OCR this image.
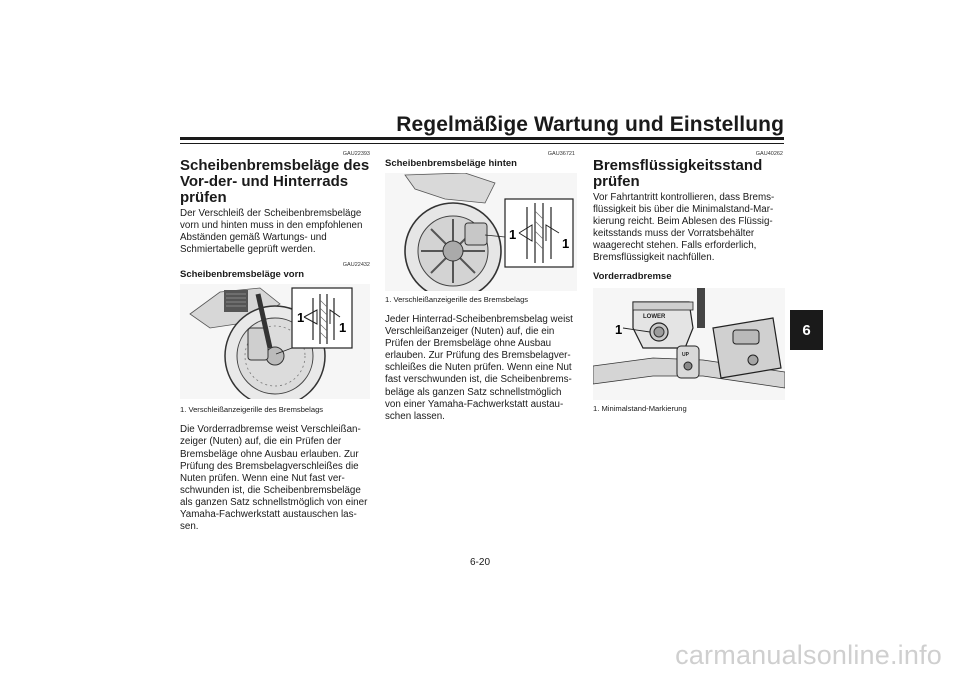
Regelmäßige Wartung und Einstellung
6
GAU22393
Scheibenbremsbeläge des Vor-der- und Hinterrads prüfen

Der Verschleiß der Scheibenbremsbeläge vorn und hinten muss in den empfohlenen Abständen gemäß Wartungs- und Schmiertabelle geprüft werden.

GAU22432
Scheibenbremsbeläge vorn
1
1

1. Verschleißanzeigerille des Bremsbelags

Die Vorderradbremse weist Verschleißan-zeiger (Nuten) auf, die ein Prüfen der Bremsbeläge ohne Ausbau erlauben. Zur Prüfung des Bremsbelagverschleißes die Nuten prüfen. Wenn eine Nut fast ver-schwunden ist, die Scheibenbremsbeläge als ganzen Satz schnellstmöglich von einer Yamaha-Fachwerkstatt austauschen las-sen.

GAU36721
Scheibenbremsbeläge hinten
1
1

1. Verschleißanzeigerille des Bremsbelags

Jeder Hinterrad-Scheibenbremsbelag weist Verschleißanzeiger (Nuten) auf, die ein Prüfen der Bremsbeläge ohne Ausbau erlauben. Zur Prüfung des Bremsbelagver-schleißes die Nuten prüfen. Wenn eine Nut fast verschwunden ist, die Scheibenbrems-beläge als ganzen Satz schnellstmöglich von einer Yamaha-Fachwerkstatt austau-schen lassen.

GAU40262
Bremsflüssigkeitsstand prüfen

Vor Fahrtantritt kontrollieren, dass Brems-flüssigkeit bis über die Minimalstand-Mar-kierung reicht. Beim Ablesen des Flüssig-keitsstands muss der Vorratsbehälter waagerecht stehen. Falls erforderlich, Bremsflüssigkeit nachfüllen.

Vorderradbremse
LOWER
1
UP

1. Minimalstand-Markierung

6-20
carmanualsonline.info
